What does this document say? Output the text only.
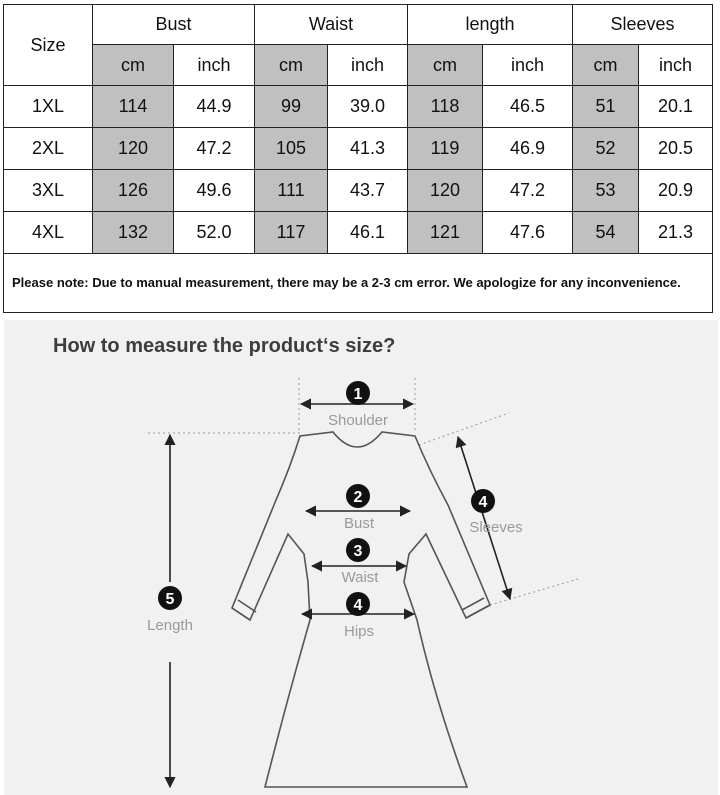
Size	Bust		Waist		length		Sleeves	
	cm	inch	cm	inch	cm	inch	cm	inch
1XL	114	44.9	99	39.0	118	46.5	51	20.1
2XL	120	47.2	105	41.3	119	46.9	52	20.5
3XL	126	49.6	111	43.7	120	47.2	53	20.9
4XL	132	52.0	117	46.1	121	47.6	54	21.3
Please note: Due to manual measurement, there may be a 2-3 cm error. We apologize for any inconvenience.								
How to measure the product‘s size?
1
2
3
4
4
5
Shoulder
Bust
Waist
Hips
Sleeves
Length
